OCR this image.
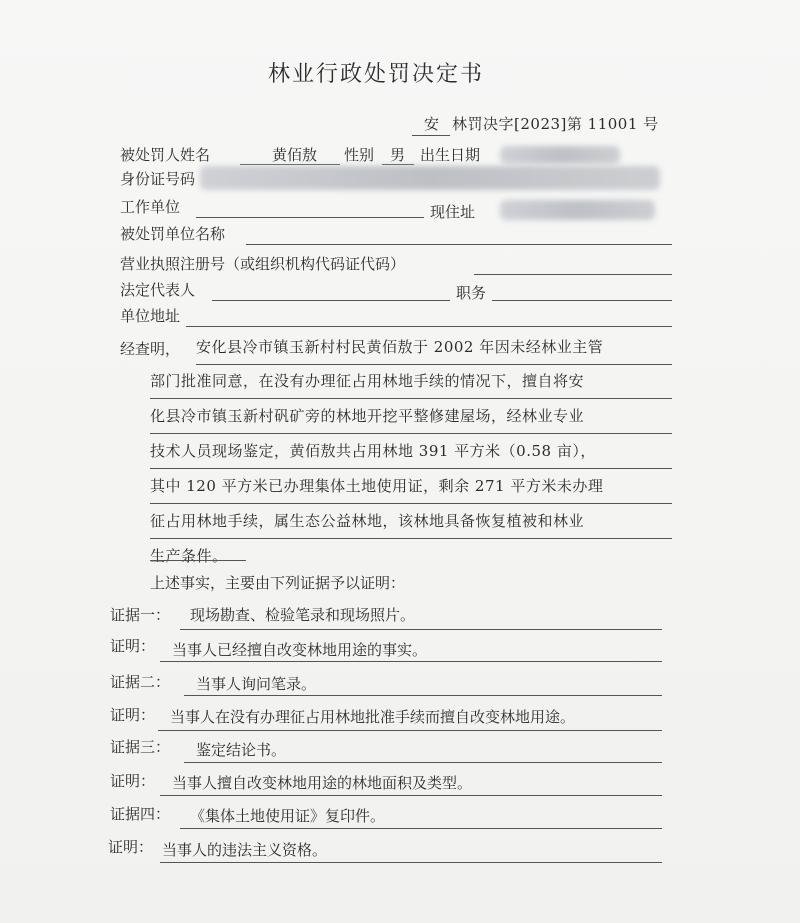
林业行政处罚决定书
安 林罚决字[2023]第 11001 号
被处罚人姓名	黄佰敖 性别 男 出生日期
身份证号码
工作单位	现住址
被处罚单位名称
营业执照注册号（或组织机构代码证代码）
法定代表人	职务
单位地址
经查明， 安化县冷市镇玉新村村民黄佰敖于 2002 年因未经林业主管
部门批准同意，在没有办理征占用林地手续的情况下，擅自将安
化县冷市镇玉新村矾矿旁的林地开挖平整修建屋场，经林业专业
技术人员现场鉴定，黄佰敖共占用林地 391 平方米（0.58 亩），
其中 120 平方米已办理集体土地使用证，剩余 271 平方米未办理
征占用林地手续，属生态公益林地，该林地具备恢复植被和林业
生产条件。
上述事实，主要由下列证据予以证明：
证据一： 现场勘查、检验笔录和现场照片。
证明： 当事人已经擅自改变林地用途的事实。
证据二： 当事人询问笔录。
证明： 当事人在没有办理征占用林地批准手续而擅自改变林地用途。
证据三： 鉴定结论书。
证明： 当事人擅自改变林地用途的林地面积及类型。
证据四： 《集体土地使用证》复印件。
证明： 当事人的违法主义资格。
